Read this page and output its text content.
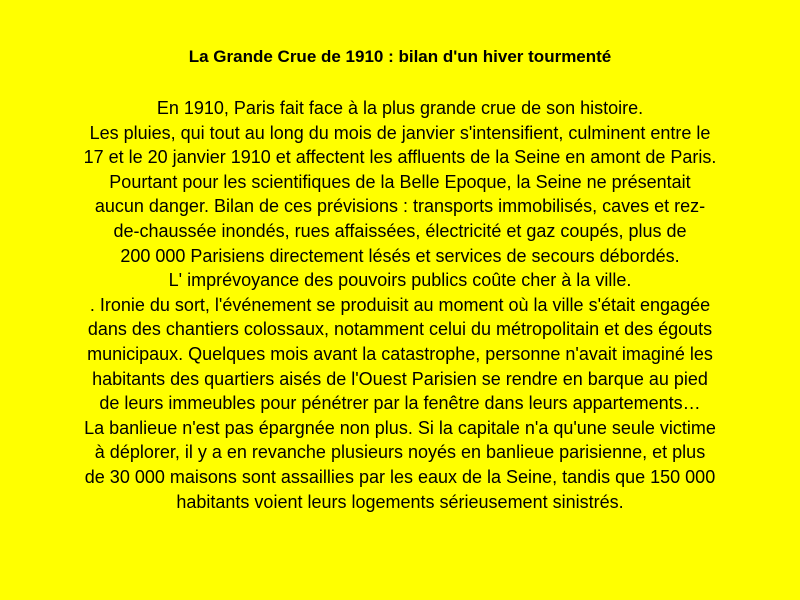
La Grande Crue de 1910 : bilan d'un hiver tourmenté
En 1910, Paris fait face à la plus grande crue de son histoire.
Les pluies, qui tout au long du mois de janvier s'intensifient, culminent entre le
17 et le 20 janvier 1910 et affectent les affluents de la Seine en amont de Paris.
Pourtant pour les scientifiques de la Belle Epoque, la Seine ne présentait
aucun danger. Bilan de ces prévisions : transports immobilisés, caves et rez-
de-chaussée inondés, rues affaissées, électricité et gaz coupés, plus de
200 000 Parisiens directement lésés et services de secours débordés.
L' imprévoyance des pouvoirs publics coûte cher à la ville.
. Ironie du sort, l'événement se produisit au moment où la ville s'était engagée
dans des chantiers colossaux, notamment celui du métropolitain et des égouts
municipaux. Quelques mois avant la catastrophe, personne n'avait imaginé les
habitants des quartiers aisés de l'Ouest Parisien se rendre en barque au pied
de leurs immeubles pour pénétrer par la fenêtre dans leurs appartements…
La banlieue n'est pas épargnée non plus. Si la capitale n'a qu'une seule victime
à déplorer, il y a en revanche plusieurs noyés en banlieue parisienne, et plus
de 30 000 maisons sont assaillies par les eaux de la Seine, tandis que 150 000
habitants voient leurs logements sérieusement sinistrés.
